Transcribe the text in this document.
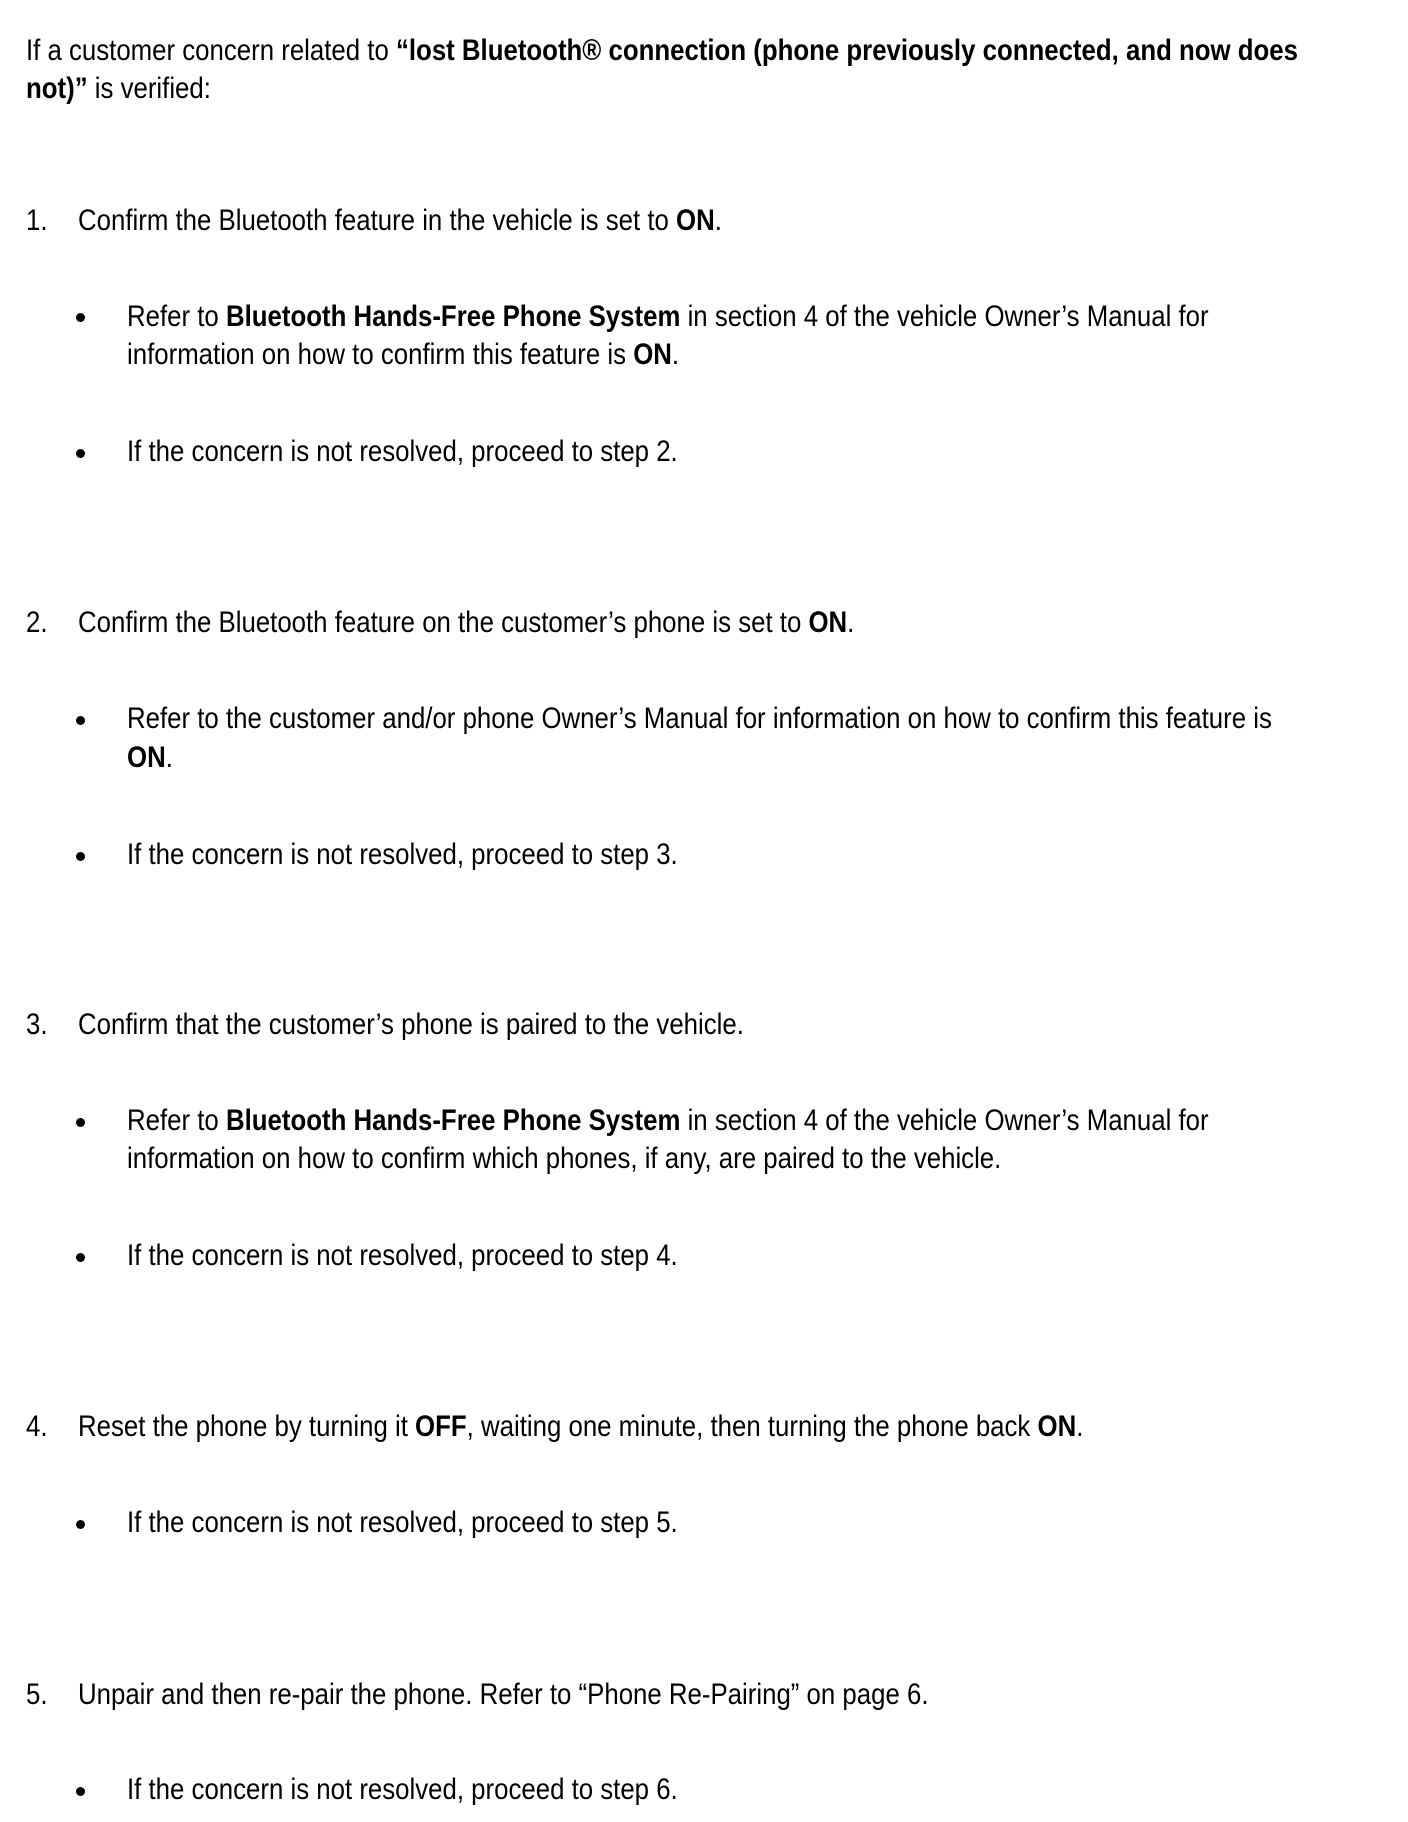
If a customer concern related to “lost Bluetooth® connection (phone previously connected, and now does
not)” is verified:
1. Confirm the Bluetooth feature in the vehicle is set to ON.
Refer to Bluetooth Hands-Free Phone System in section 4 of the vehicle Owner’s Manual for
information on how to confirm this feature is ON.
If the concern is not resolved, proceed to step 2.
2. Confirm the Bluetooth feature on the customer’s phone is set to ON.
Refer to the customer and/or phone Owner’s Manual for information on how to confirm this feature is
ON.
If the concern is not resolved, proceed to step 3.
3. Confirm that the customer’s phone is paired to the vehicle.
Refer to Bluetooth Hands-Free Phone System in section 4 of the vehicle Owner’s Manual for
information on how to confirm which phones, if any, are paired to the vehicle.
If the concern is not resolved, proceed to step 4.
4. Reset the phone by turning it OFF, waiting one minute, then turning the phone back ON.
If the concern is not resolved, proceed to step 5.
5. Unpair and then re-pair the phone. Refer to “Phone Re-Pairing” on page 6.
If the concern is not resolved, proceed to step 6.
